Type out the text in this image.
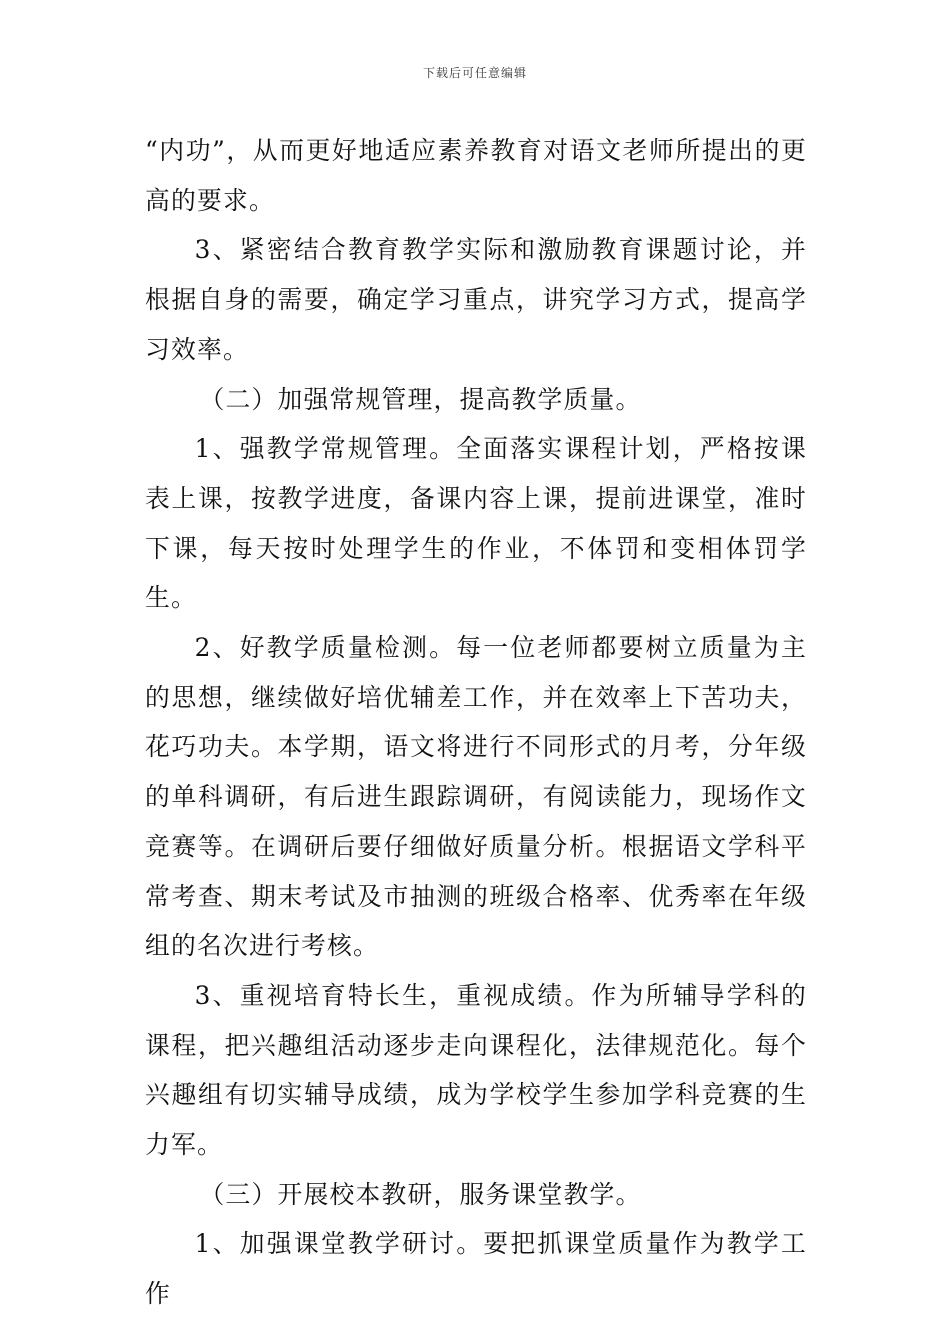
下载后可任意编辑

“内功”，从而更好地适应素养教育对语文老师所提出的更高的要求。

3、紧密结合教育教学实际和激励教育课题讨论，并根据自身的需要，确定学习重点，讲究学习方式，提高学习效率。

（二）加强常规管理，提高教学质量。

1、强教学常规管理。全面落实课程计划，严格按课表上课，按教学进度，备课内容上课，提前进课堂，准时下课，每天按时处理学生的作业，不体罚和变相体罚学生。

2、好教学质量检测。每一位老师都要树立质量为主的思想，继续做好培优辅差工作，并在效率上下苦功夫，花巧功夫。本学期，语文将进行不同形式的月考，分年级的单科调研，有后进生跟踪调研，有阅读能力，现场作文竞赛等。在调研后要仔细做好质量分析。根据语文学科平常考查、期末考试及市抽测的班级合格率、优秀率在年级组的名次进行考核。

3、重视培育特长生，重视成绩。作为所辅导学科的课程，把兴趣组活动逐步走向课程化，法律规范化。每个兴趣组有切实辅导成绩，成为学校学生参加学科竞赛的生力军。

（三）开展校本教研，服务课堂教学。

1、加强课堂教学研讨。要把抓课堂质量作为教学工作
